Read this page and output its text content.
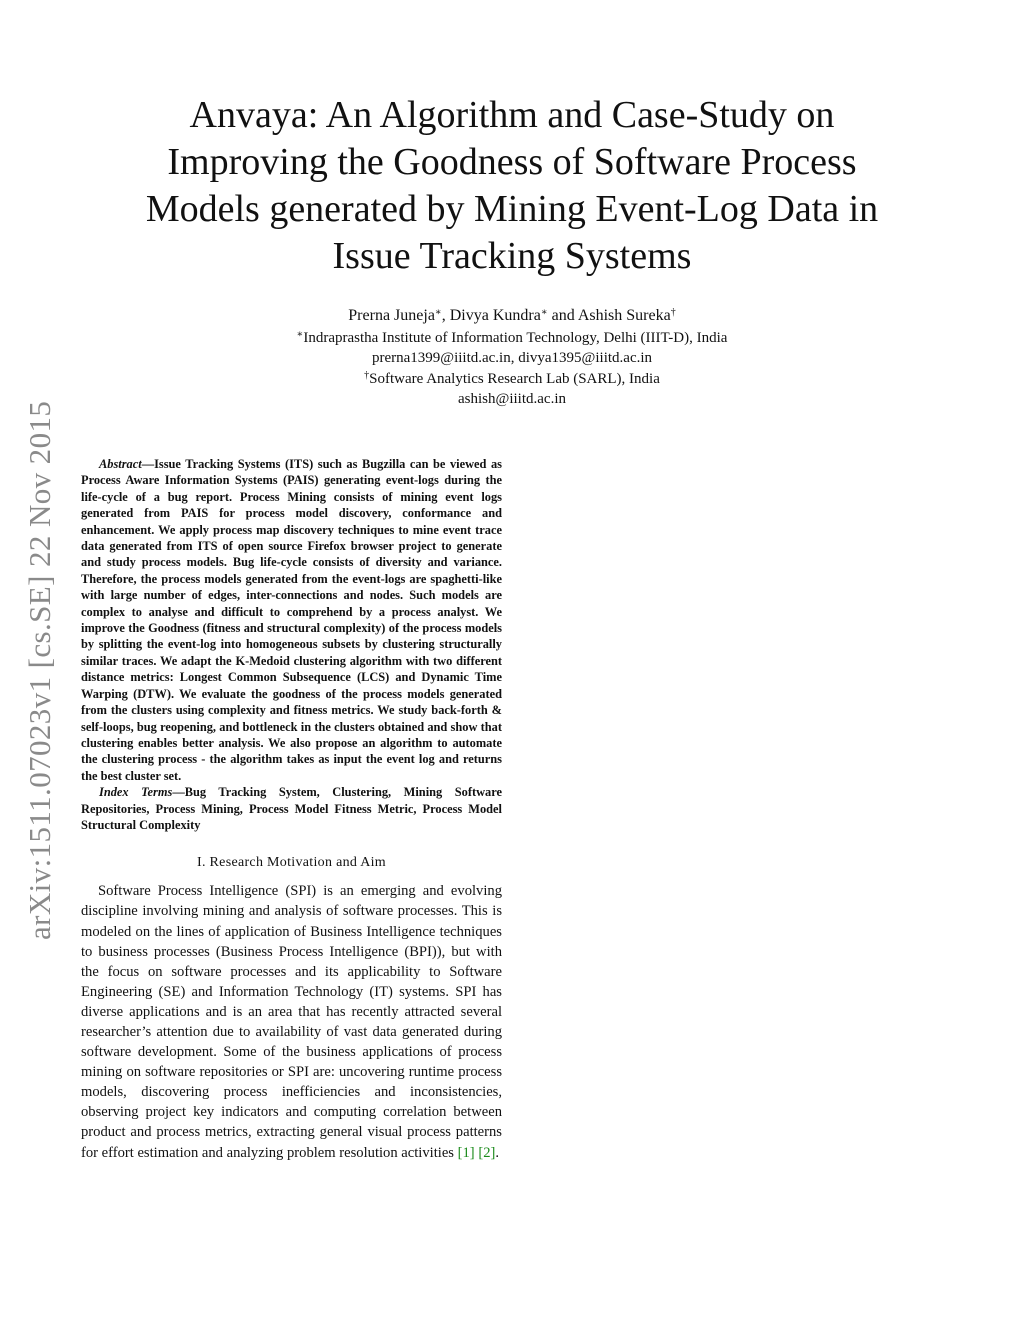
arXiv:1511.07023v1 [cs.SE] 22 Nov 2015
Anvaya: An Algorithm and Case-Study on
Improving the Goodness of Software Process
Models generated by Mining Event-Log Data in
Issue Tracking Systems
Prerna Juneja∗, Divya Kundra∗ and Ashish Sureka†
∗Indraprastha Institute of Information Technology, Delhi (IIIT-D), India
prerna1399@iiitd.ac.in, divya1395@iiitd.ac.in
†Software Analytics Research Lab (SARL), India
ashish@iiitd.ac.in

Abstract—Issue Tracking Systems (ITS) such as Bugzilla can be viewed as Process Aware Information Systems (PAIS) generating event-logs during the life-cycle of a bug report. Process Mining consists of mining event logs generated from PAIS for process model discovery, conformance and enhancement. We apply process map discovery techniques to mine event trace data generated from ITS of open source Firefox browser project to generate and study process models. Bug life-cycle consists of diversity and variance. Therefore, the process models generated from the event-logs are spaghetti-like with large number of edges, inter-connections and nodes. Such models are complex to analyse and difficult to comprehend by a process analyst. We improve the Goodness (fitness and structural complexity) of the process models by splitting the event-log into homogeneous subsets by clustering structurally similar traces. We adapt the K-Medoid clustering algorithm with two different distance metrics: Longest Common Subsequence (LCS) and Dynamic Time Warping (DTW). We evaluate the goodness of the process models generated from the clusters using complexity and fitness metrics. We study back-forth & self-loops, bug reopening, and bottleneck in the clusters obtained and show that clustering enables better analysis. We also propose an algorithm to automate the clustering process - the algorithm takes as input the event log and returns the best cluster set.

Index Terms—Bug Tracking System, Clustering, Mining Software Repositories, Process Mining, Process Model Fitness Metric, Process Model Structural Complexity

I. Research Motivation and Aim

Software Process Intelligence (SPI) is an emerging and evolving discipline involving mining and analysis of software processes. This is modeled on the lines of application of Business Intelligence techniques to business processes (Business Process Intelligence (BPI)), but with the focus on software processes and its applicability to Software Engineering (SE) and Information Technology (IT) systems. SPI has diverse applications and is an area that has recently attracted several researcher’s attention due to availability of vast data generated during software development. Some of the business applications of process mining on software repositories or SPI are: uncovering runtime process models, discovering process inefficiencies and inconsistencies, observing project key indicators and computing correlation between product and process metrics, extracting general visual process patterns for effort estimation and analyzing problem resolution activities [1] [2].
